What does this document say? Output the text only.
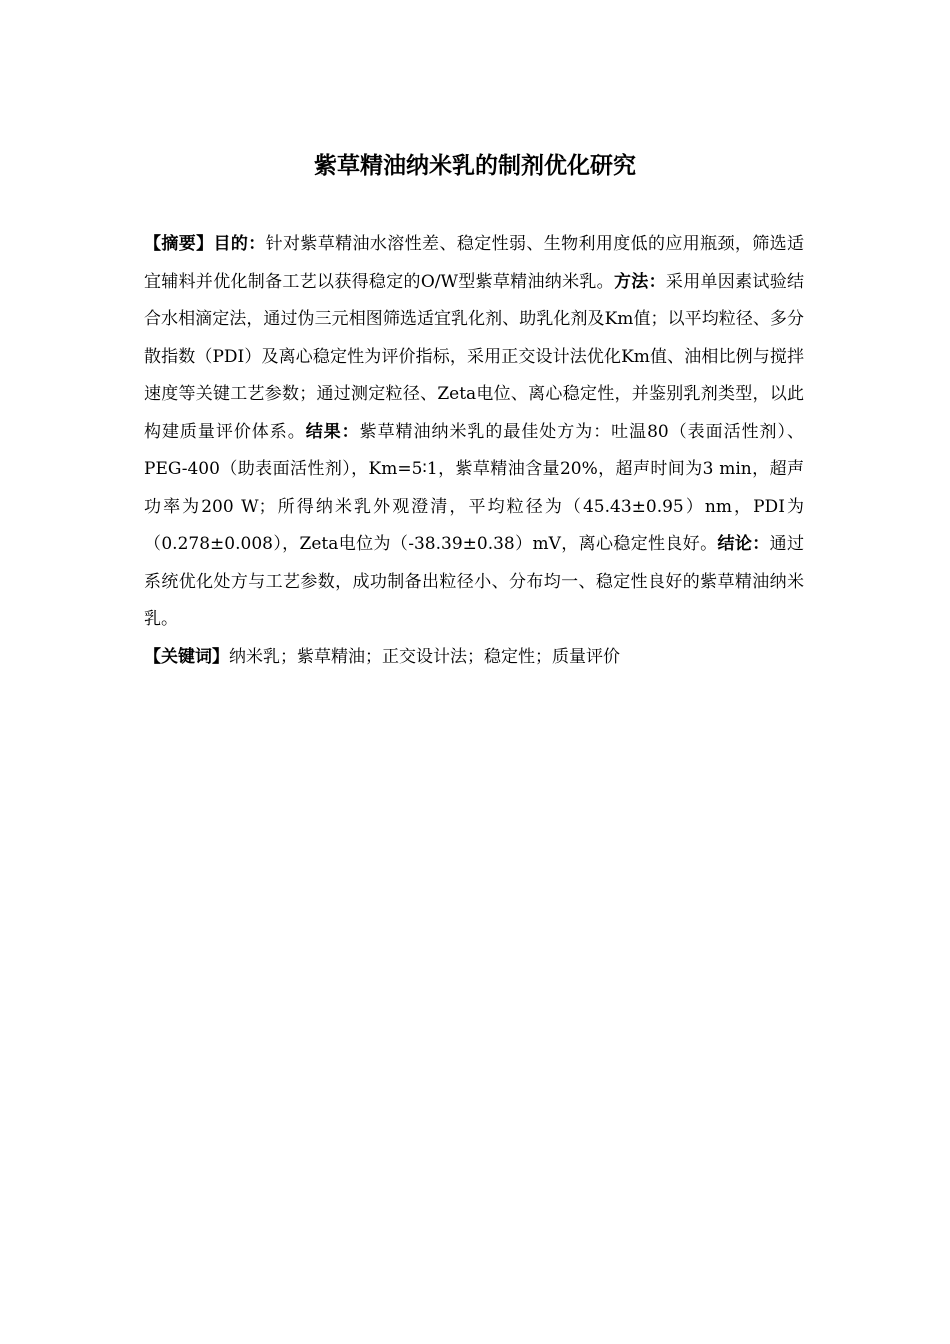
紫草精油纳米乳的制剂优化研究

【摘要】目的：针对紫草精油水溶性差、稳定性弱、生物利用度低的应用瓶颈，筛选适宜辅料并优化制备工艺以获得稳定的O/W型紫草精油纳米乳。方法：采用单因素试验结合水相滴定法，通过伪三元相图筛选适宜乳化剂、助乳化剂及Km值；以平均粒径、多分散指数（PDI）及离心稳定性为评价指标，采用正交设计法优化Km值、油相比例与搅拌速度等关键工艺参数；通过测定粒径、Zeta电位、离心稳定性，并鉴别乳剂类型，以此构建质量评价体系。结果：紫草精油纳米乳的最佳处方为：吐温80（表面活性剂）、PEG-400（助表面活性剂），Km=5∶1，紫草精油含量20%，超声时间为3 min，超声功率为200 W；所得纳米乳外观澄清，平均粒径为（45.43±0.95）nm，PDI为（0.278±0.008），Zeta电位为（-38.39±0.38）mV，离心稳定性良好。结论：通过系统优化处方与工艺参数，成功制备出粒径小、分布均一、稳定性良好的紫草精油纳米乳。

【关键词】纳米乳；紫草精油；正交设计法；稳定性；质量评价
